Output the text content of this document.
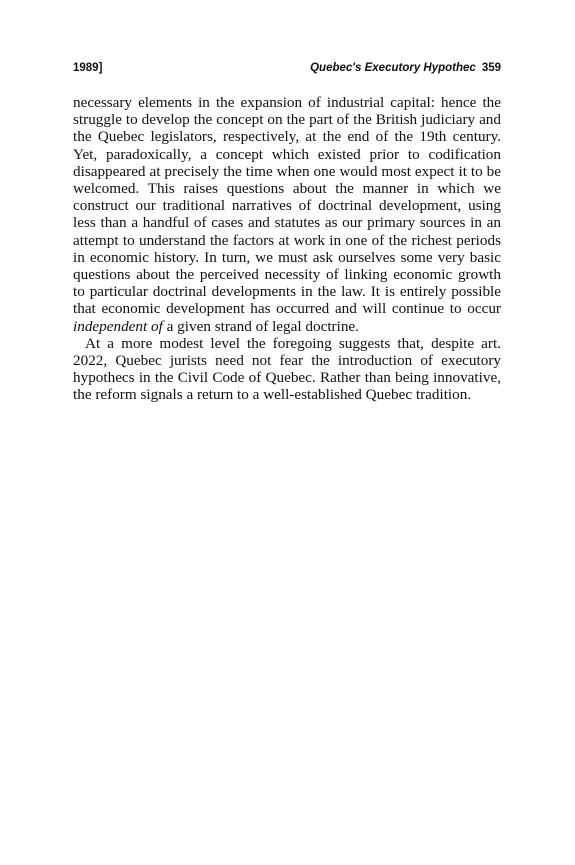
1989]	Quebec's Executory Hypothec 359

necessary elements in the expansion of industrial capital: hence the struggle to develop the concept on the part of the British judiciary and the Quebec legislators, respectively, at the end of the 19th century. Yet, paradoxically, a concept which existed prior to codification disappeared at precisely the time when one would most expect it to be welcomed. This raises questions about the manner in which we construct our traditional narratives of doctrinal development, using less than a handful of cases and statutes as our primary sources in an attempt to understand the factors at work in one of the richest periods in economic history. In turn, we must ask ourselves some very basic questions about the perceived necessity of linking economic growth to particular doctrinal developments in the law. It is entirely possible that economic development has occurred and will continue to occur independent of a given strand of legal doctrine.

At a more modest level the foregoing suggests that, despite art. 2022, Quebec jurists need not fear the introduction of executory hypothecs in the Civil Code of Quebec. Rather than being innovative, the reform signals a return to a well-established Quebec tradition.
